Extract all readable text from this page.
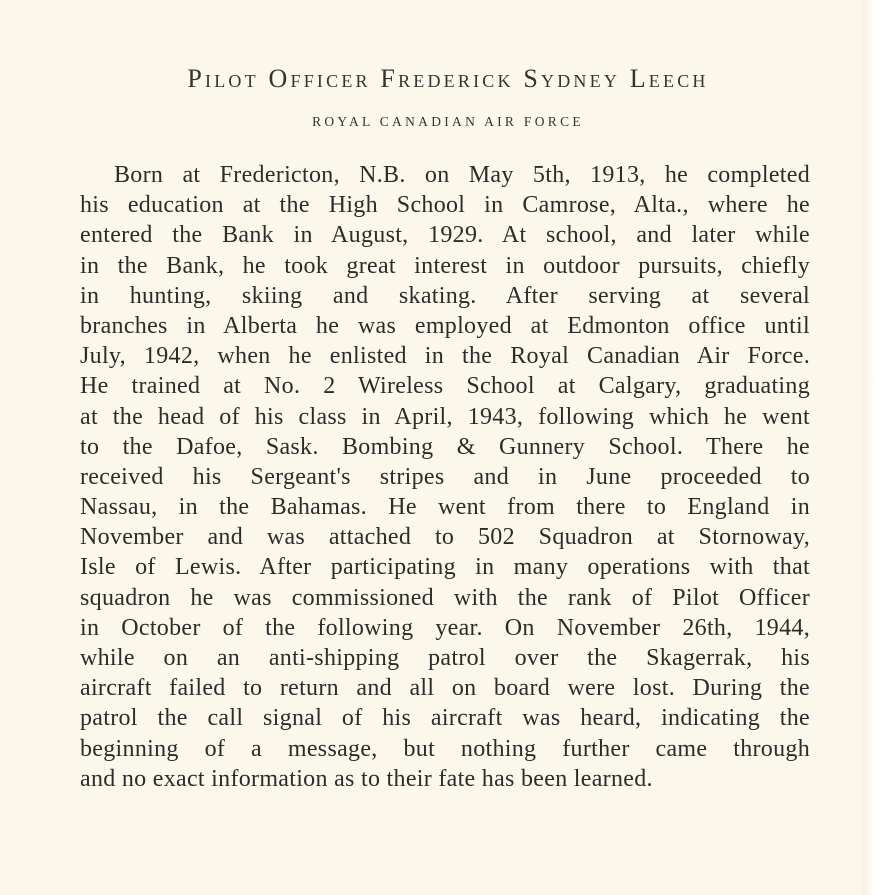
Pilot Officer Frederick Sydney Leech
ROYAL CANADIAN AIR FORCE
Born at Fredericton, N.B. on May 5th, 1913, he completed
his education at the High School in Camrose, Alta., where he
entered the Bank in August, 1929. At school, and later while
in the Bank, he took great interest in outdoor pursuits, chiefly
in hunting, skiing and skating. After serving at several
branches in Alberta he was employed at Edmonton office until
July, 1942, when he enlisted in the Royal Canadian Air Force.
He trained at No. 2 Wireless School at Calgary, graduating
at the head of his class in April, 1943, following which he went
to the Dafoe, Sask. Bombing & Gunnery School. There he
received his Sergeant's stripes and in June proceeded to
Nassau, in the Bahamas. He went from there to England in
November and was attached to 502 Squadron at Stornoway,
Isle of Lewis. After participating in many operations with that
squadron he was commissioned with the rank of Pilot Officer
in October of the following year. On November 26th, 1944,
while on an anti-shipping patrol over the Skagerrak, his
aircraft failed to return and all on board were lost. During the
patrol the call signal of his aircraft was heard, indicating the
beginning of a message, but nothing further came through
and no exact information as to their fate has been learned.
